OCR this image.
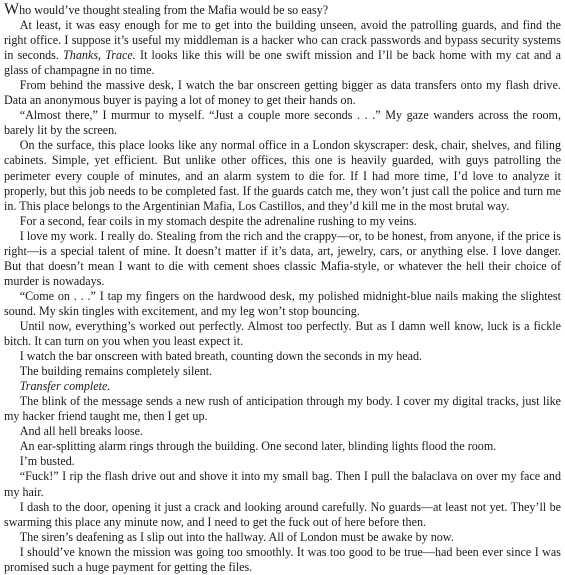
Who would’ve thought stealing from the Mafia would be so easy?

At least, it was easy enough for me to get into the building unseen, avoid the patrolling guards, and find the right office. I suppose it’s useful my middleman is a hacker who can crack passwords and bypass security systems in seconds. Thanks, Trace. It looks like this will be one swift mission and I’ll be back home with my cat and a glass of champagne in no time.

From behind the massive desk, I watch the bar onscreen getting bigger as data transfers onto my flash drive. Data an anonymous buyer is paying a lot of money to get their hands on.

“Almost there,” I murmur to myself. “Just a couple more seconds . . .” My gaze wanders across the room, barely lit by the screen.

On the surface, this place looks like any normal office in a London skyscraper: desk, chair, shelves, and filing cabinets. Simple, yet efficient. But unlike other offices, this one is heavily guarded, with guys patrolling the perimeter every couple of minutes, and an alarm system to die for. If I had more time, I’d love to analyze it properly, but this job needs to be completed fast. If the guards catch me, they won’t just call the police and turn me in. This place belongs to the Argentinian Mafia, Los Castillos, and they’d kill me in the most brutal way.

For a second, fear coils in my stomach despite the adrenaline rushing to my veins.

I love my work. I really do. Stealing from the rich and the crappy—or, to be honest, from anyone, if the price is right—is a special talent of mine. It doesn’t matter if it’s data, art, jewelry, cars, or anything else. I love danger. But that doesn’t mean I want to die with cement shoes classic Mafia-style, or whatever the hell their choice of murder is nowadays.

“Come on . . .” I tap my fingers on the hardwood desk, my polished midnight-blue nails making the slightest sound. My skin tingles with excitement, and my leg won’t stop bouncing.

Until now, everything’s worked out perfectly. Almost too perfectly. But as I damn well know, luck is a fickle bitch. It can turn on you when you least expect it.

I watch the bar onscreen with bated breath, counting down the seconds in my head.

The building remains completely silent.

Transfer complete.

The blink of the message sends a new rush of anticipation through my body. I cover my digital tracks, just like my hacker friend taught me, then I get up.

And all hell breaks loose.

An ear-splitting alarm rings through the building. One second later, blinding lights flood the room.

I’m busted.

“Fuck!” I rip the flash drive out and shove it into my small bag. Then I pull the balaclava on over my face and my hair.

I dash to the door, opening it just a crack and looking around carefully. No guards—at least not yet. They’ll be swarming this place any minute now, and I need to get the fuck out of here before then.

The siren’s deafening as I slip out into the hallway. All of London must be awake by now.

I should’ve known the mission was going too smoothly. It was too good to be true—had been ever since I was promised such a huge payment for getting the files.
